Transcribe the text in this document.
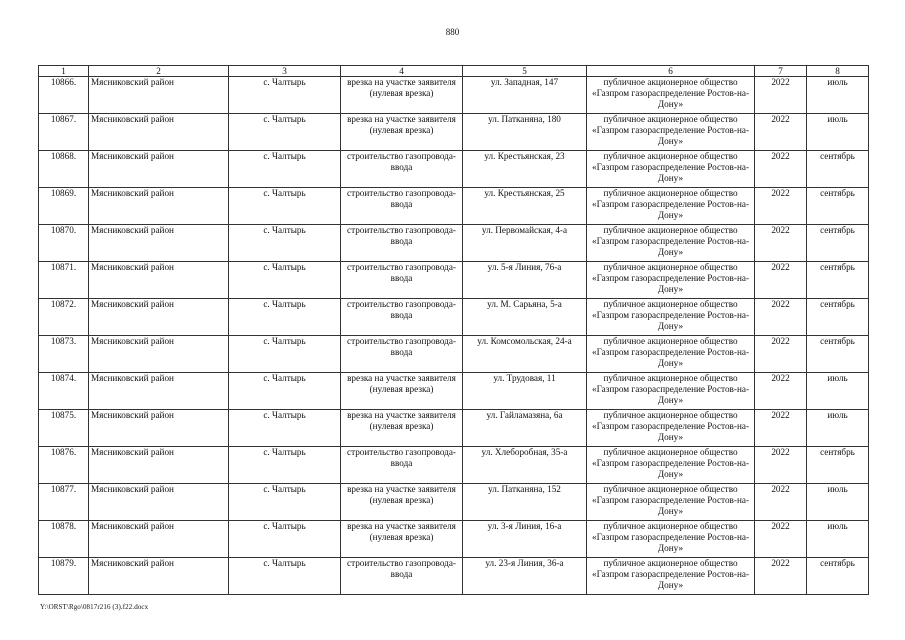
880
1	2	3	4	5	6	7	8
10866.	Мясниковский район	с. Чалтырь	врезка на участке заявителя (нулевая врезка)	ул. Западная, 147	публичное акционерное общество «Газпром газораспределение Ростов-на-Дону»	2022	июль
10867.	Мясниковский район	с. Чалтырь	врезка на участке заявителя (нулевая врезка)	ул. Патканяна, 180	публичное акционерное общество «Газпром газораспределение Ростов-на-Дону»	2022	июль
10868.	Мясниковский район	с. Чалтырь	строительство газопровода-ввода	ул. Крестьянская, 23	публичное акционерное общество «Газпром газораспределение Ростов-на-Дону»	2022	сентябрь
10869.	Мясниковский район	с. Чалтырь	строительство газопровода-ввода	ул. Крестьянская, 25	публичное акционерное общество «Газпром газораспределение Ростов-на-Дону»	2022	сентябрь
10870.	Мясниковский район	с. Чалтырь	строительство газопровода-ввода	ул. Первомайская, 4-а	публичное акционерное общество «Газпром газораспределение Ростов-на-Дону»	2022	сентябрь
10871.	Мясниковский район	с. Чалтырь	строительство газопровода-ввода	ул. 5-я Линия, 76-а	публичное акционерное общество «Газпром газораспределение Ростов-на-Дону»	2022	сентябрь
10872.	Мясниковский район	с. Чалтырь	строительство газопровода-ввода	ул. М. Сарьяна, 5-а	публичное акционерное общество «Газпром газораспределение Ростов-на-Дону»	2022	сентябрь
10873.	Мясниковский район	с. Чалтырь	строительство газопровода-ввода	ул. Комсомольская, 24-а	публичное акционерное общество «Газпром газораспределение Ростов-на-Дону»	2022	сентябрь
10874.	Мясниковский район	с. Чалтырь	врезка на участке заявителя (нулевая врезка)	ул. Трудовая, 11	публичное акционерное общество «Газпром газораспределение Ростов-на-Дону»	2022	июль
10875.	Мясниковский район	с. Чалтырь	врезка на участке заявителя (нулевая врезка)	ул. Гайламазяна, 6а	публичное акционерное общество «Газпром газораспределение Ростов-на-Дону»	2022	июль
10876.	Мясниковский район	с. Чалтырь	строительство газопровода-ввода	ул. Хлеборобная, 35-а	публичное акционерное общество «Газпром газораспределение Ростов-на-Дону»	2022	сентябрь
10877.	Мясниковский район	с. Чалтырь	врезка на участке заявителя (нулевая врезка)	ул. Патканяна, 152	публичное акционерное общество «Газпром газораспределение Ростов-на-Дону»	2022	июль
10878.	Мясниковский район	с. Чалтырь	врезка на участке заявителя (нулевая врезка)	ул. 3-я Линия, 16-а	публичное акционерное общество «Газпром газораспределение Ростов-на-Дону»	2022	июль
10879.	Мясниковский район	с. Чалтырь	строительство газопровода-ввода	ул. 23-я Линия, 36-а	публичное акционерное общество «Газпром газораспределение Ростов-на-Дону»	2022	сентябрь
Y:\ORST\Rgo\0817r216 (3).f22.docx
